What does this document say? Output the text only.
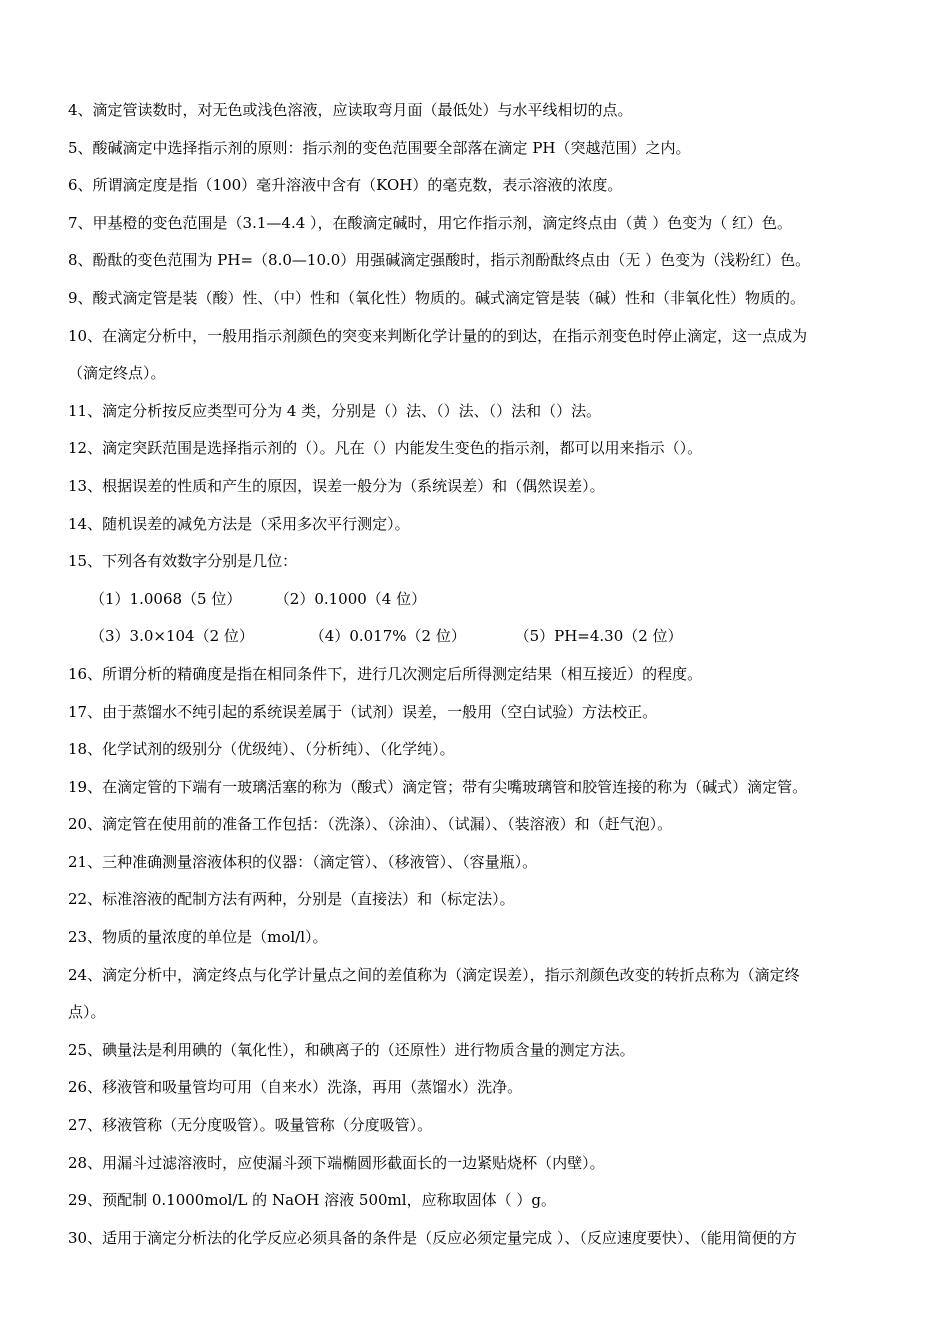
4、滴定管读数时，对无色或浅色溶液，应读取弯月面（最低处）与水平线相切的点。
5、酸碱滴定中选择指示剂的原则：指示剂的变色范围要全部落在滴定 PH（突越范围）之内。
6、所谓滴定度是指（100）毫升溶液中含有（KOH）的毫克数，表示溶液的浓度。
7、甲基橙的变色范围是（3.1—4.4 ），在酸滴定碱时，用它作指示剂，滴定终点由（黄 ）色变为（ 红）色。
8、酚酞的变色范围为 PH=（8.0—10.0）用强碱滴定强酸时，指示剂酚酞终点由（无 ）色变为（浅粉红）色。
9、酸式滴定管是装（酸）性、（中）性和（氧化性）物质的。碱式滴定管是装（碱）性和（非氧化性）物质的。
10、在滴定分析中，一般用指示剂颜色的突变来判断化学计量的的到达，在指示剂变色时停止滴定，这一点成为
（滴定终点）。
11、滴定分析按反应类型可分为 4 类，分别是（）法、（）法、（）法和（）法。
12、滴定突跃范围是选择指示剂的（）。凡在（）内能发生变色的指示剂，都可以用来指示（）。
13、根据误差的性质和产生的原因，误差一般分为（系统误差）和（偶然误差）。
14、随机误差的减免方法是（采用多次平行测定）。
15、下列各有效数字分别是几位：
（1）1.0068（5 位） （2）0.1000（4 位）
（3）3.0×104（2 位）	（4）0.017%（2 位）	（5）PH=4.30（2 位）
16、所谓分析的精确度是指在相同条件下，进行几次测定后所得测定结果（相互接近）的程度。
17、由于蒸馏水不纯引起的系统误差属于（试剂）误差，一般用（空白试验）方法校正。
18、化学试剂的级别分（优级纯）、（分析纯）、（化学纯）。
19、在滴定管的下端有一玻璃活塞的称为（酸式）滴定管；带有尖嘴玻璃管和胶管连接的称为（碱式）滴定管。
20、滴定管在使用前的准备工作包括：（洗涤）、（涂油）、（试漏）、（装溶液）和（赶气泡）。
21、三种准确测量溶液体积的仪器：（滴定管）、（移液管）、（容量瓶）。
22、标准溶液的配制方法有两种，分别是（直接法）和（标定法）。
23、物质的量浓度的单位是（mol/l）。
24、滴定分析中，滴定终点与化学计量点之间的差值称为（滴定误差），指示剂颜色改变的转折点称为（滴定终
点）。
25、碘量法是利用碘的（氧化性），和碘离子的（还原性）进行物质含量的测定方法。
26、移液管和吸量管均可用（自来水）洗涤，再用（蒸馏水）洗净。
27、移液管称（无分度吸管）。吸量管称（分度吸管）。
28、用漏斗过滤溶液时，应使漏斗颈下端椭圆形截面长的一边紧贴烧杯（内壁）。
29、预配制 0.1000mol/L 的 NaOH 溶液 500ml，应称取固体（ ）g。
30、适用于滴定分析法的化学反应必须具备的条件是（反应必须定量完成 ）、（反应速度要快）、（能用简便的方
